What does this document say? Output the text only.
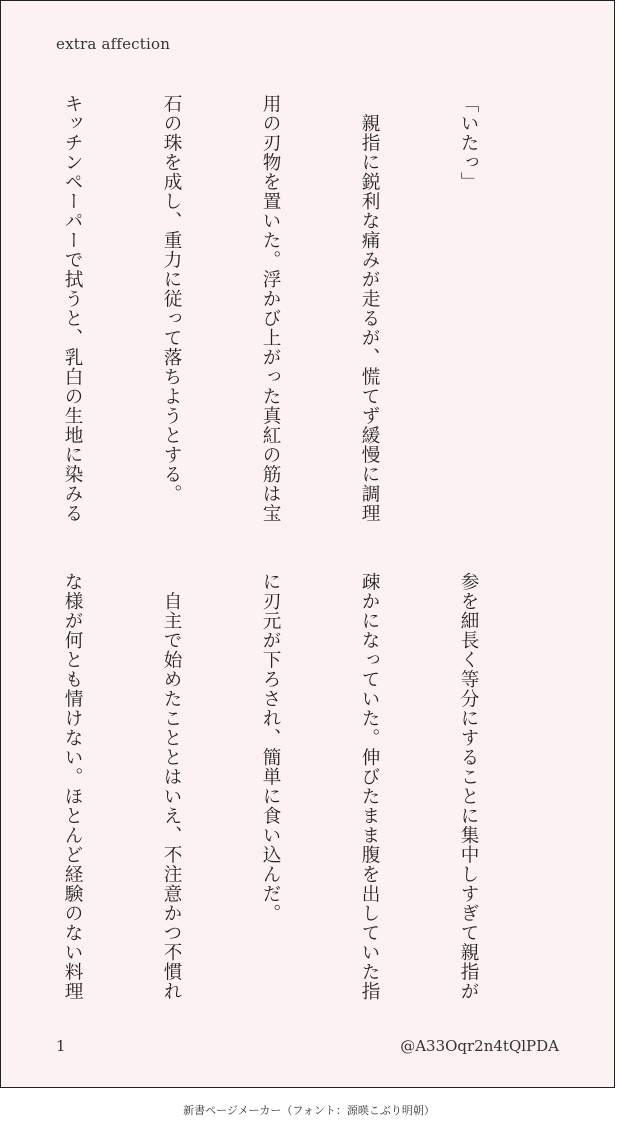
extra affection

「いたっ」

　親指に鋭利な痛みが走るが、慌てず緩慢に調理

用の刃物を置いた。浮かび上がった真紅の筋は宝

石の珠を成し、重力に従って落ちようとする。

キッチンペーパーで拭うと、乳白の生地に染みる

参を細長く等分にすることに集中しすぎて親指が

疎かになっていた。伸びたまま腹を出していた指

に刃元が下ろされ、簡単に食い込んだ。

　自主で始めたこととはいえ、不注意かつ不慣れ

な様が何とも情けない。ほとんど経験のない料理

1	@A33Oqr2n4tQlPDA
新書ページメーカー（フォント：源暎こぶり明朝）
